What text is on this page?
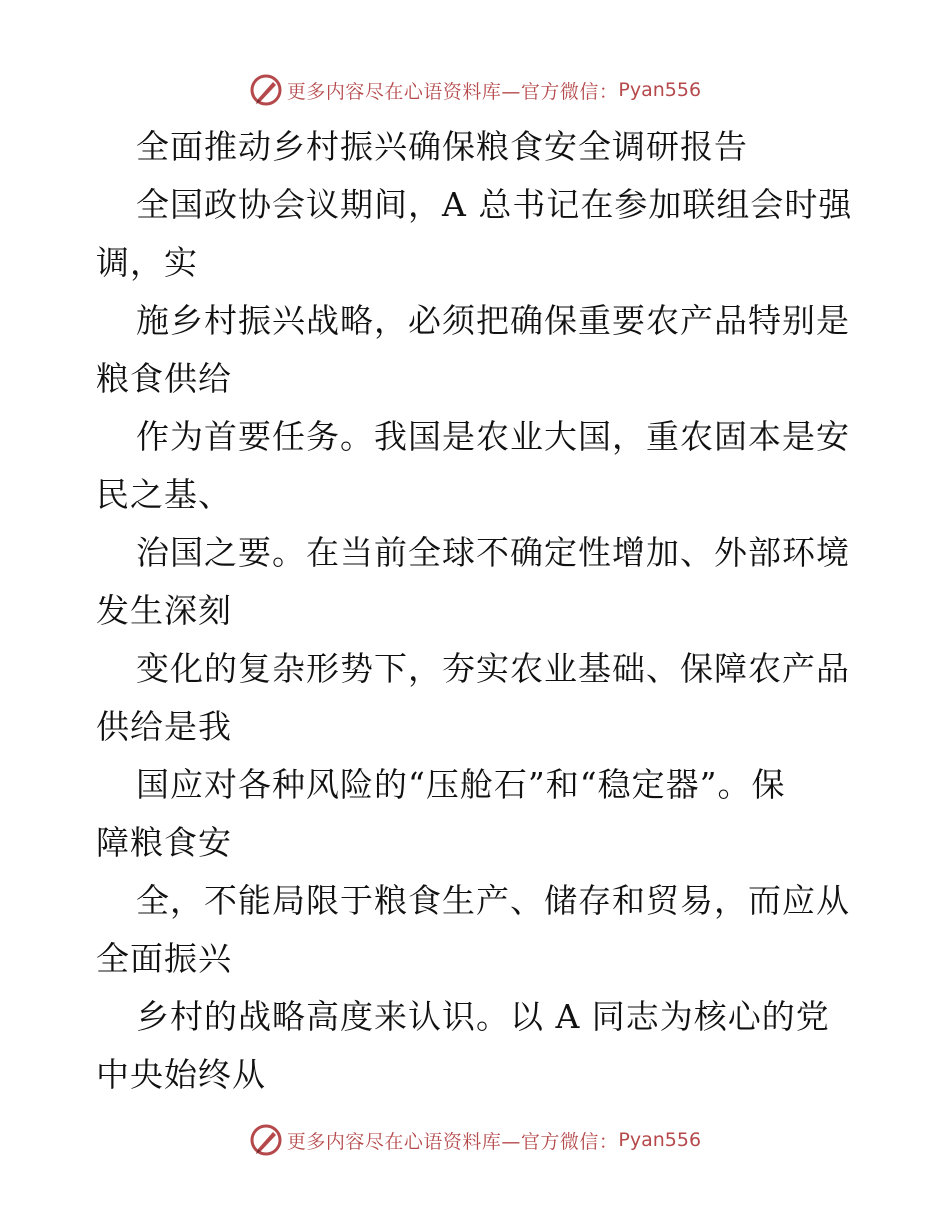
更多内容尽在心语资料库—官方微信： Pyan556
全面推动乡村振兴确保粮食安全调研报告
全国政协会议期间，A 总书记在参加联组会时强
调，实
施乡村振兴战略，必须把确保重要农产品特别是
粮食供给
作为首要任务。我国是农业大国，重农固本是安
民之基、
治国之要。在当前全球不确定性增加、外部环境
发生深刻
变化的复杂形势下，夯实农业基础、保障农产品
供给是我
国应对各种风险的“压舱石”和“稳定器”。保
障粮食安
全，不能局限于粮食生产、储存和贸易，而应从
全面振兴
乡村的战略高度来认识。以 A 同志为核心的党
中央始终从
更多内容尽在心语资料库—官方微信： Pyan556
